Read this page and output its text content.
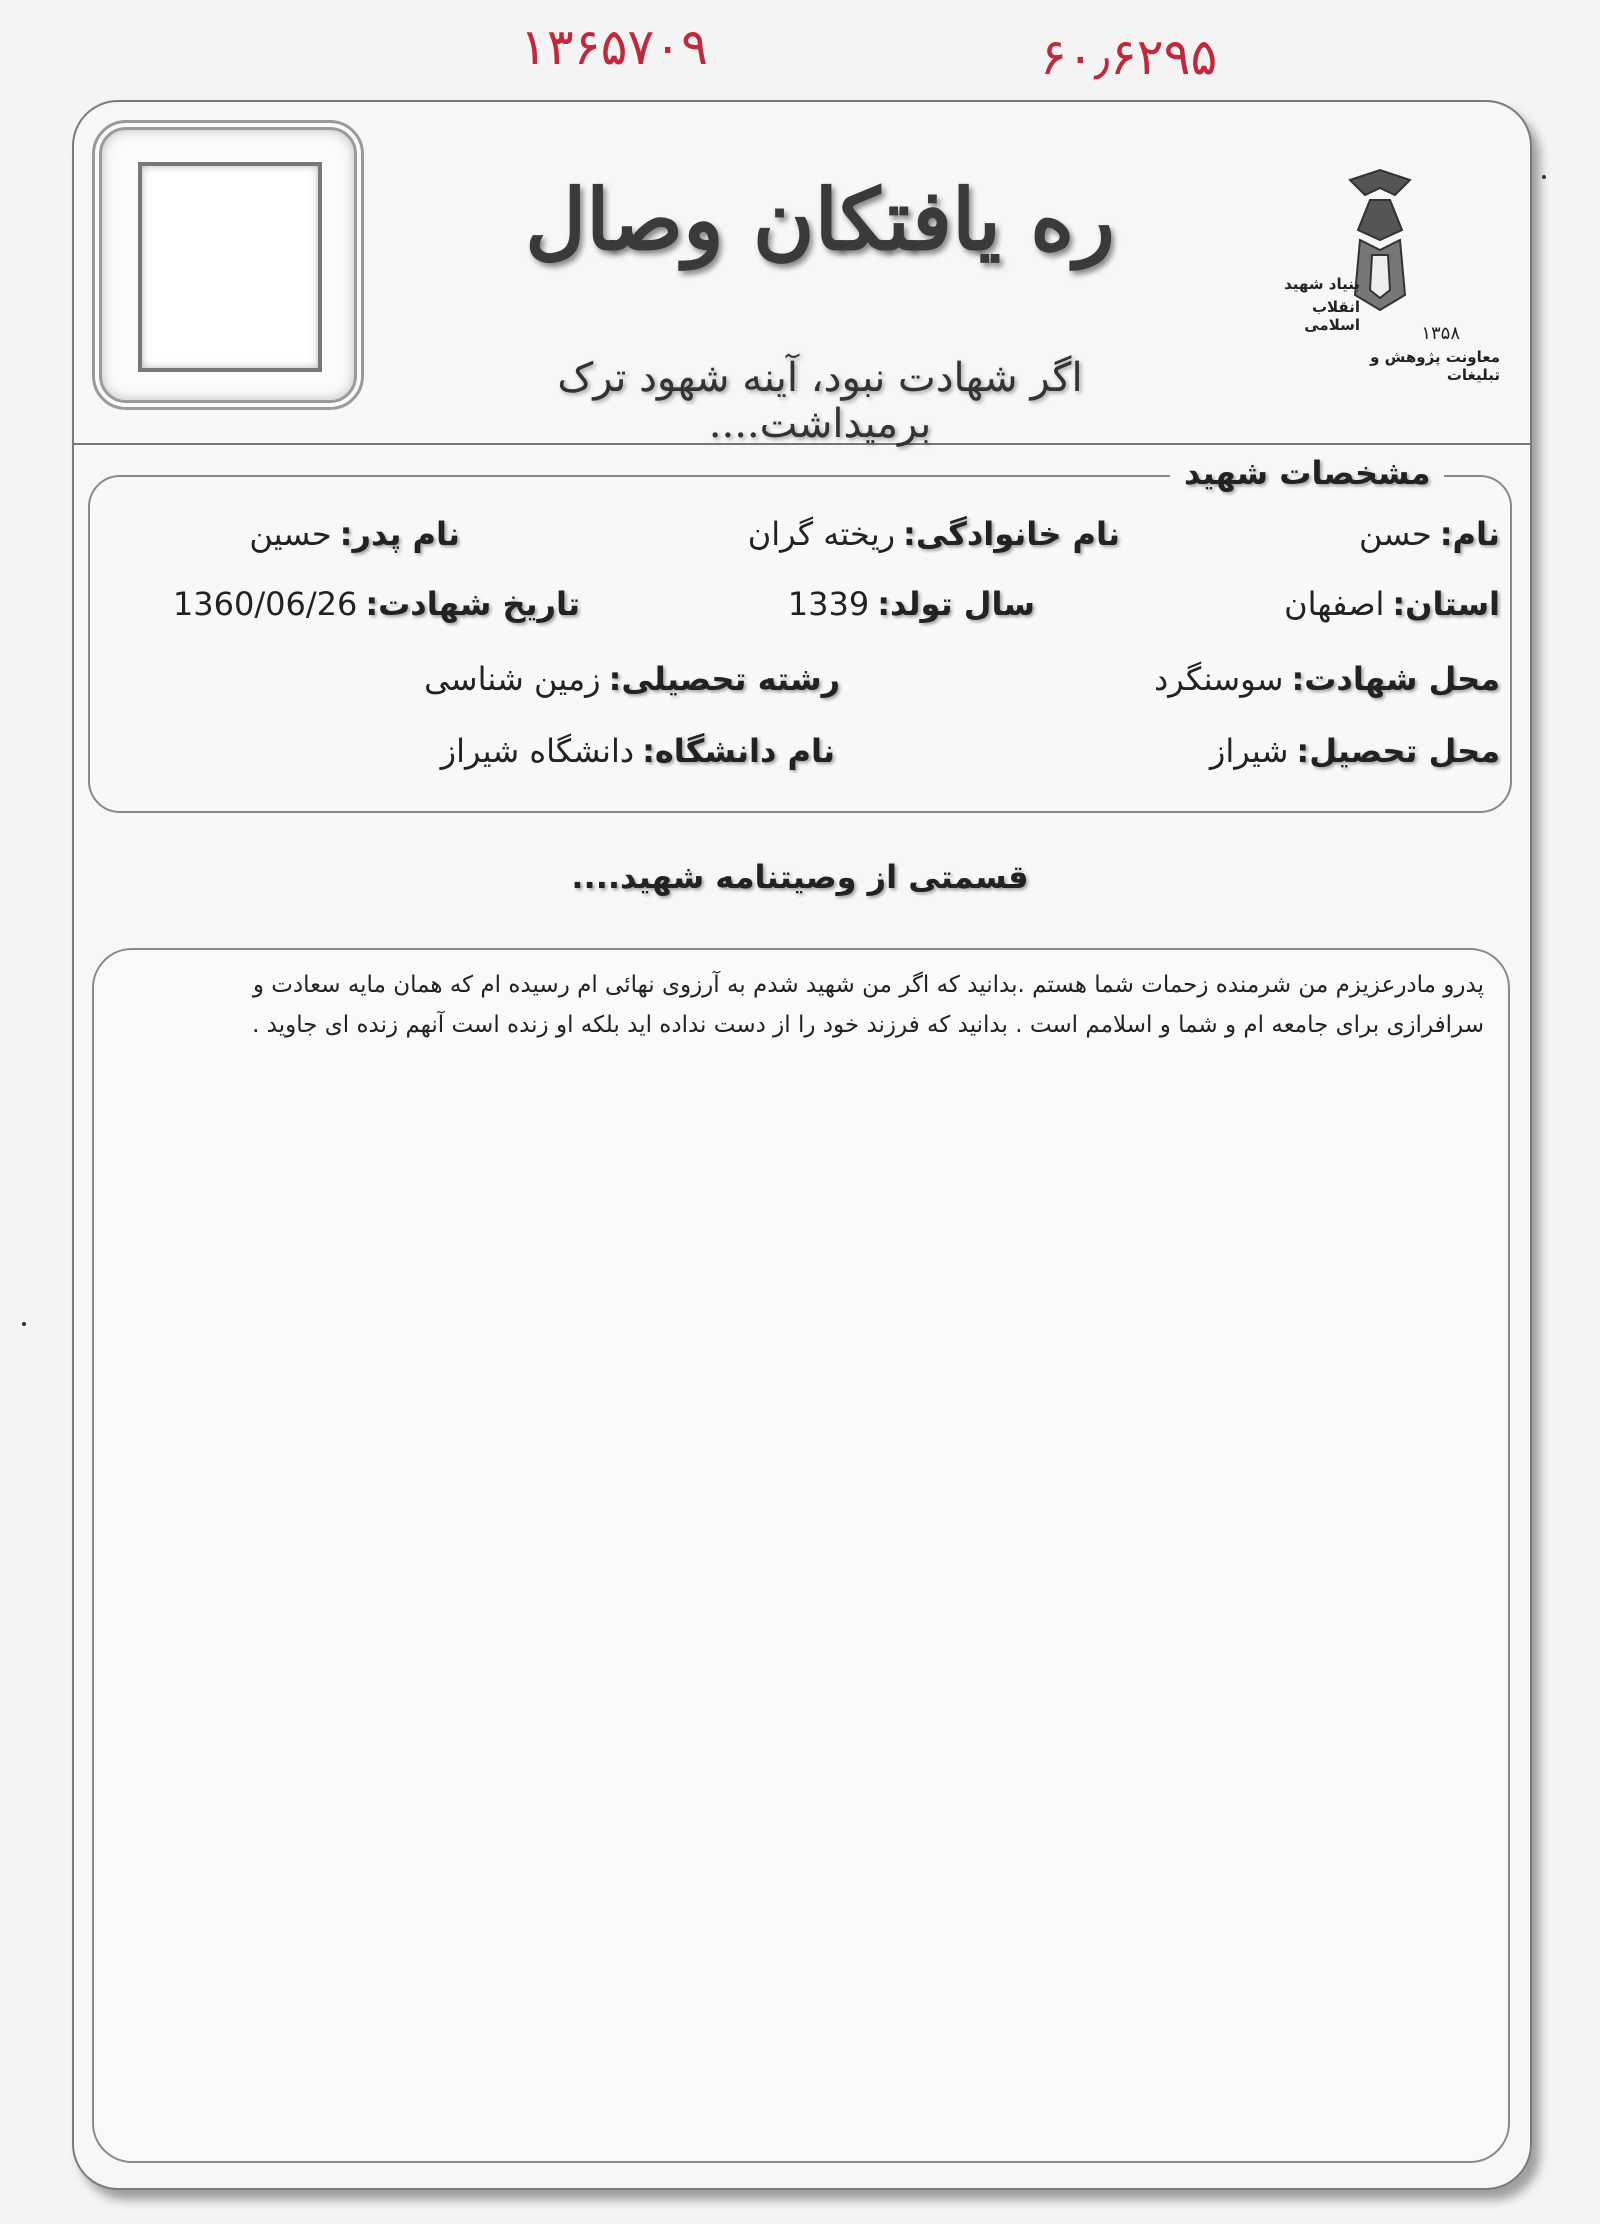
۱۳۶۵۷۰۹	۶۰٫۶۲۹۵
ره یافتکان وصال
اگر شهادت نبود، آینه شهود ترک برمیداشت....
بنیاد شهید
انقلاب اسلامی	۱۳۵۸
معاونت پژوهش و تبلیغات
مشخصات شهید
نام:حسن
نام خانوادگی:ریخته گران
نام پدر:حسین
استان:اصفهان
سال تولد:1339
تاریخ شهادت:1360/06/26
محل شهادت:سوسنگرد
رشته تحصیلی:زمین شناسی
محل تحصیل:شیراز
نام دانشگاه:دانشگاه شیراز
قسمتی از وصیتنامه شهید....
پدرو مادرعزیزم من شرمنده زحمات شما هستم .بدانید که اگر من شهید شدم به آرزوی نهائی ام رسیده ام که همان مایه سعادت و
سرافرازی برای جامعه ام و شما و اسلامم است . بدانید که فرزند خود را از دست نداده اید بلکه او زنده است آنهم زنده ای جاوید .
